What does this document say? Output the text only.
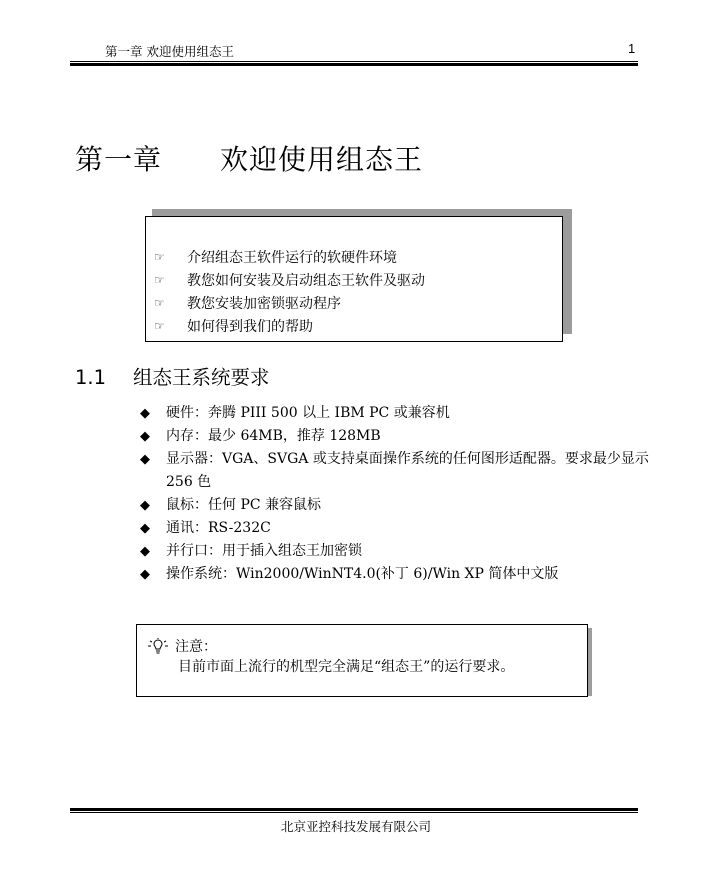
第一章 欢迎使用组态王	1
第一章 欢迎使用组态王
☞	介绍组态王软件运行的软硬件环境
☞	教您如何安装及启动组态王软件及驱动
☞	教您安装加密锁驱动程序
☞	如何得到我们的帮助
1.1 组态王系统要求
◆	硬件：奔腾 PIII 500 以上 IBM PC 或兼容机
◆	内存：最少 64MB，推荐 128MB
◆	显示器：VGA、SVGA 或支持桌面操作系统的任何图形适配器。要求最少显示 256 色
◆	鼠标：任何 PC 兼容鼠标
◆	通讯：RS-232C
◆	并行口：用于插入组态王加密锁
◆	操作系统：Win2000/WinNT4.0(补丁 6)/Win XP 简体中文版
注意：
目前市面上流行的机型完全满足“组态王”的运行要求。
北京亚控科技发展有限公司
